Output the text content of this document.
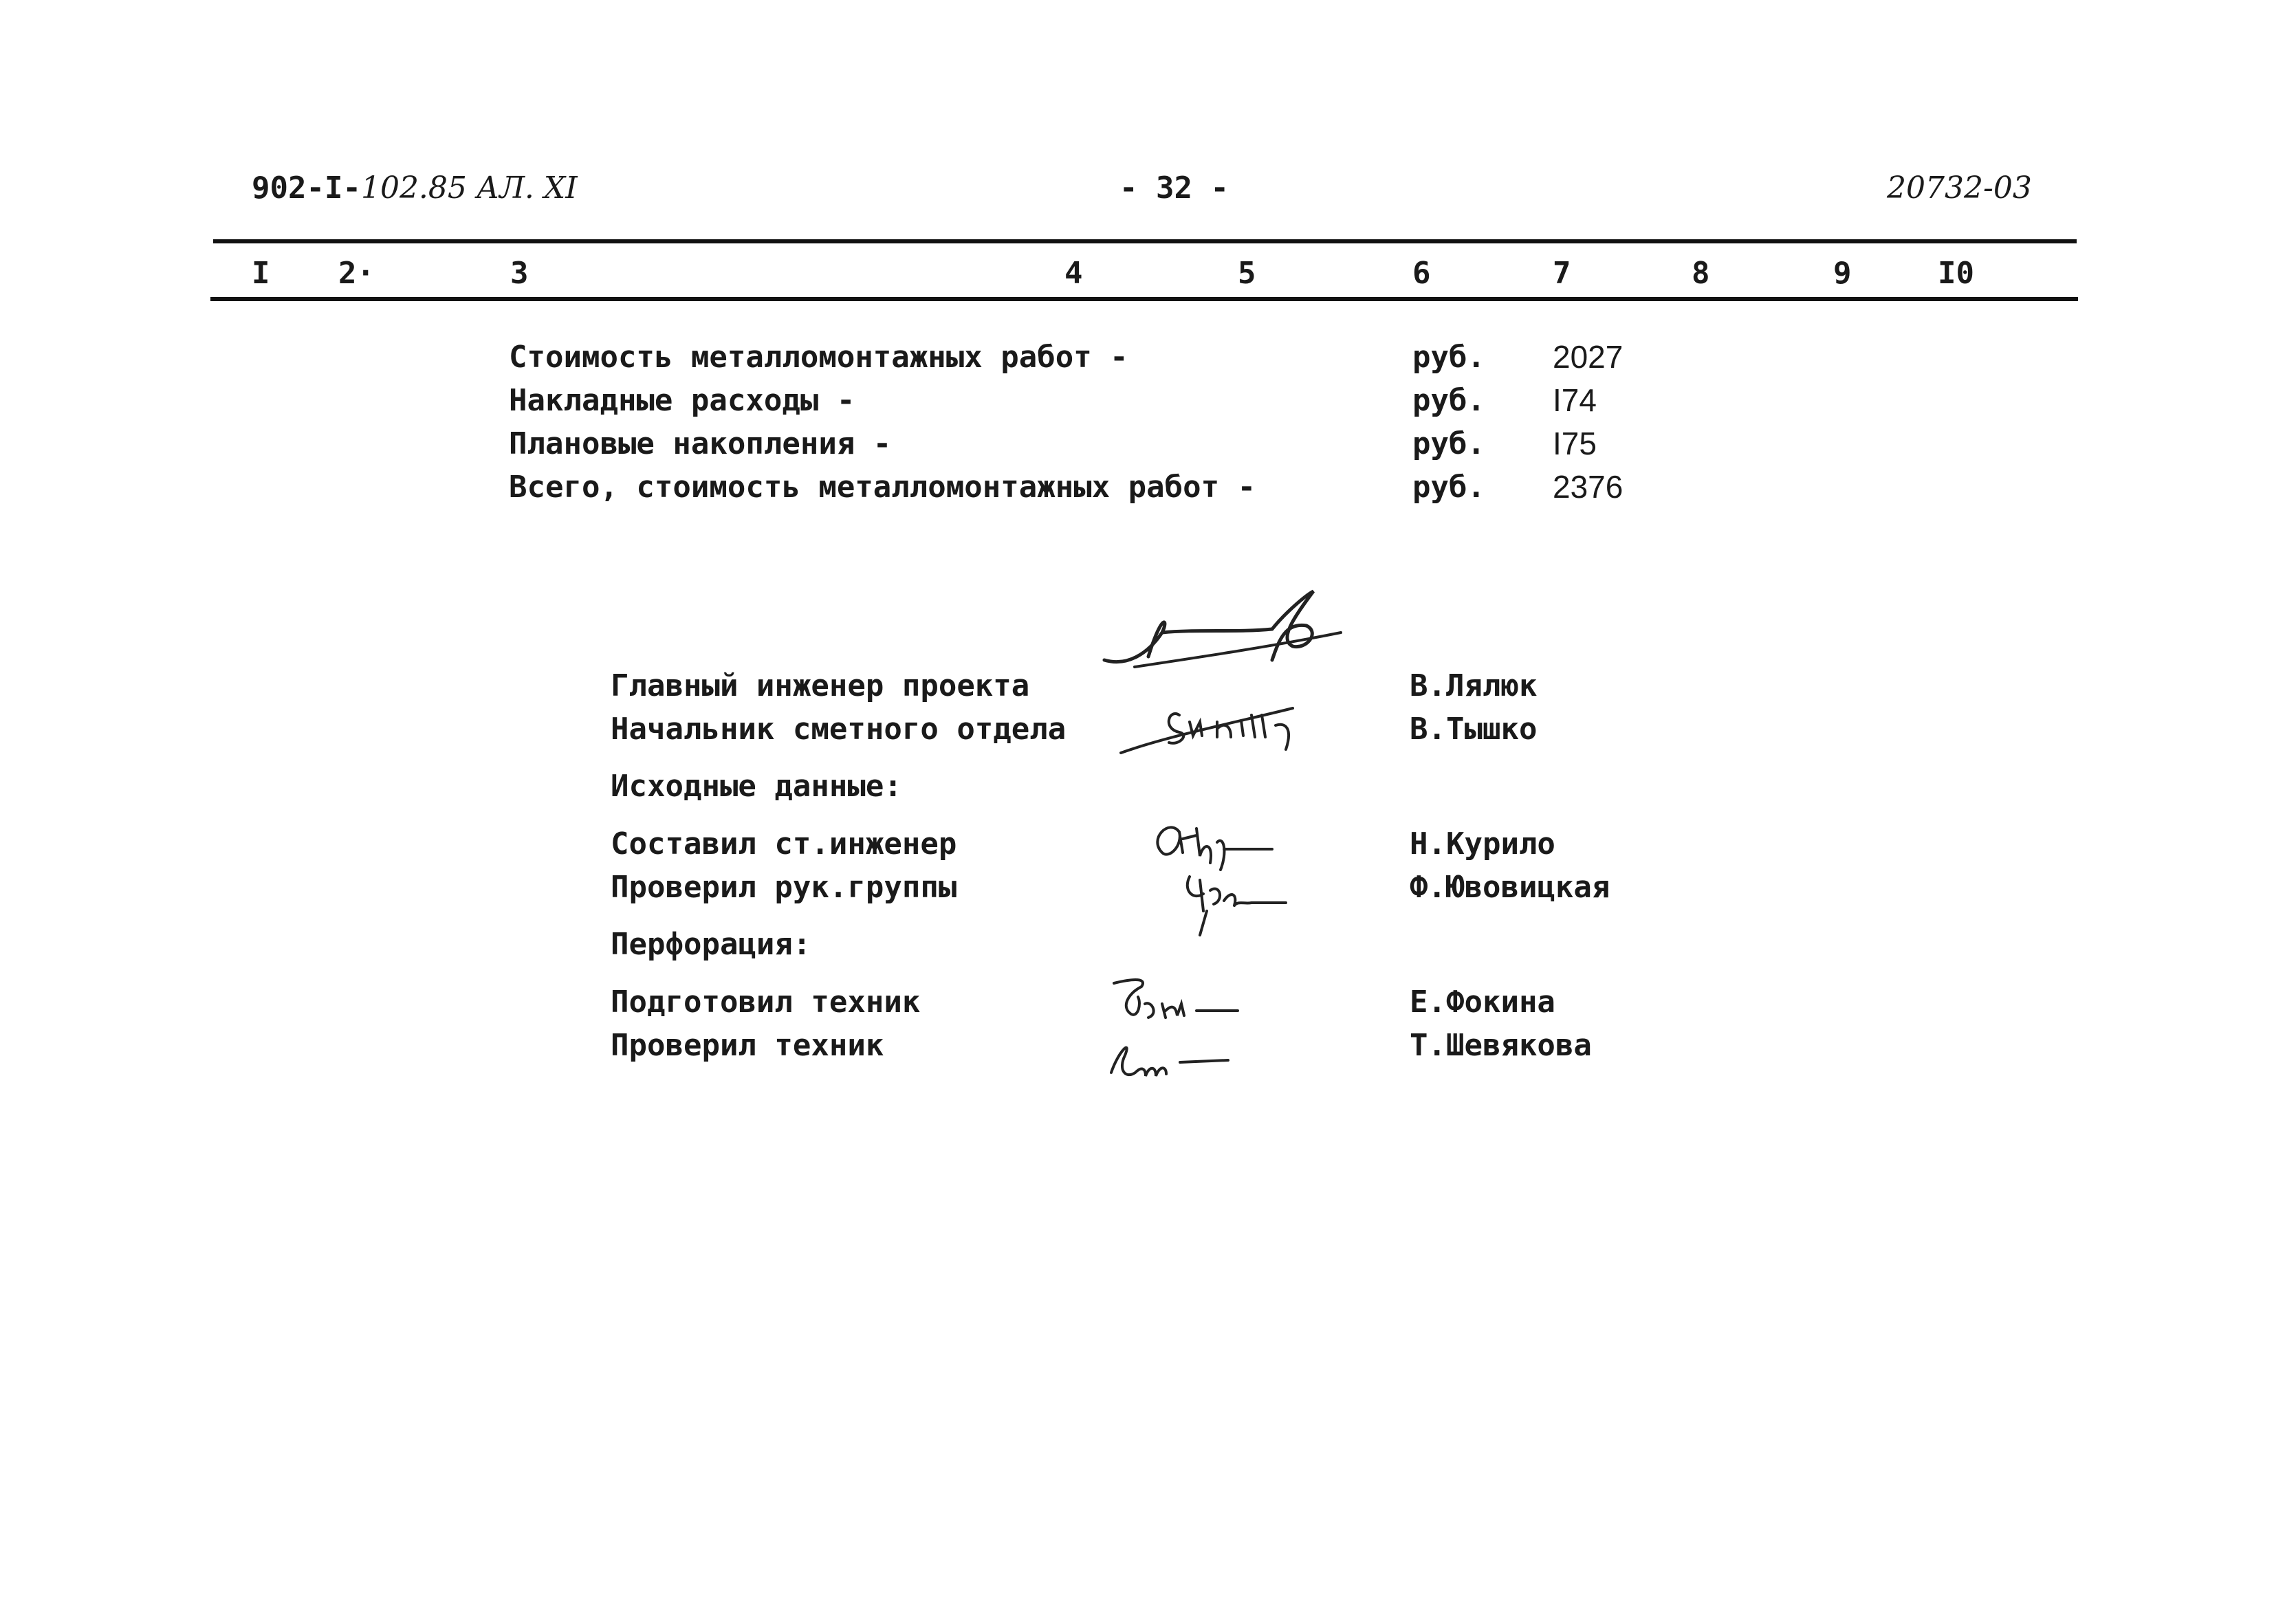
902-I-102.85 АЛ. XI	- 32 -	20732-03
I 2·	3	4	5	6	7	8	9	I0
Стоимость металломонтажных работ -	руб. 2027
Накладные расходы -	руб. I74
Плановые накопления -	руб. I75
Всего, стоимость металломонтажных работ -	руб. 2376
Главный инженер проекта	В.Лялюк
Начальник сметного отдела	В.Тышко
Исходные данные:
Составил ст.инженер	Н.Курило
Проверил рук.группы	Ф.Ювовицкая
Перфорация:
Подготовил техник	Е.Фокина
Проверил техник	Т.Шевякова
